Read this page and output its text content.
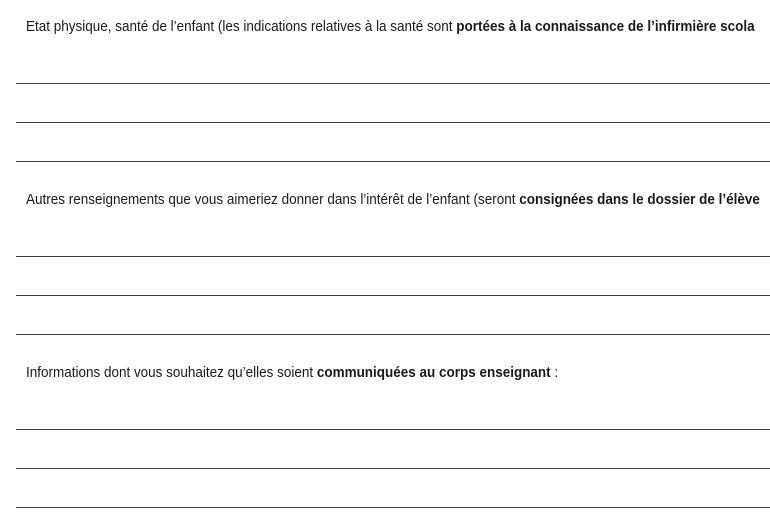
Etat physique, santé de l’enfant (les indications relatives à la santé sont portées à la connaissance de l’infirmière scola
Autres renseignements que vous aimeriez donner dans l’intérêt de l’enfant (seront consignées dans le dossier de l’élève
Informations dont vous souhaitez qu’elles soient communiquées au corps enseignant :
